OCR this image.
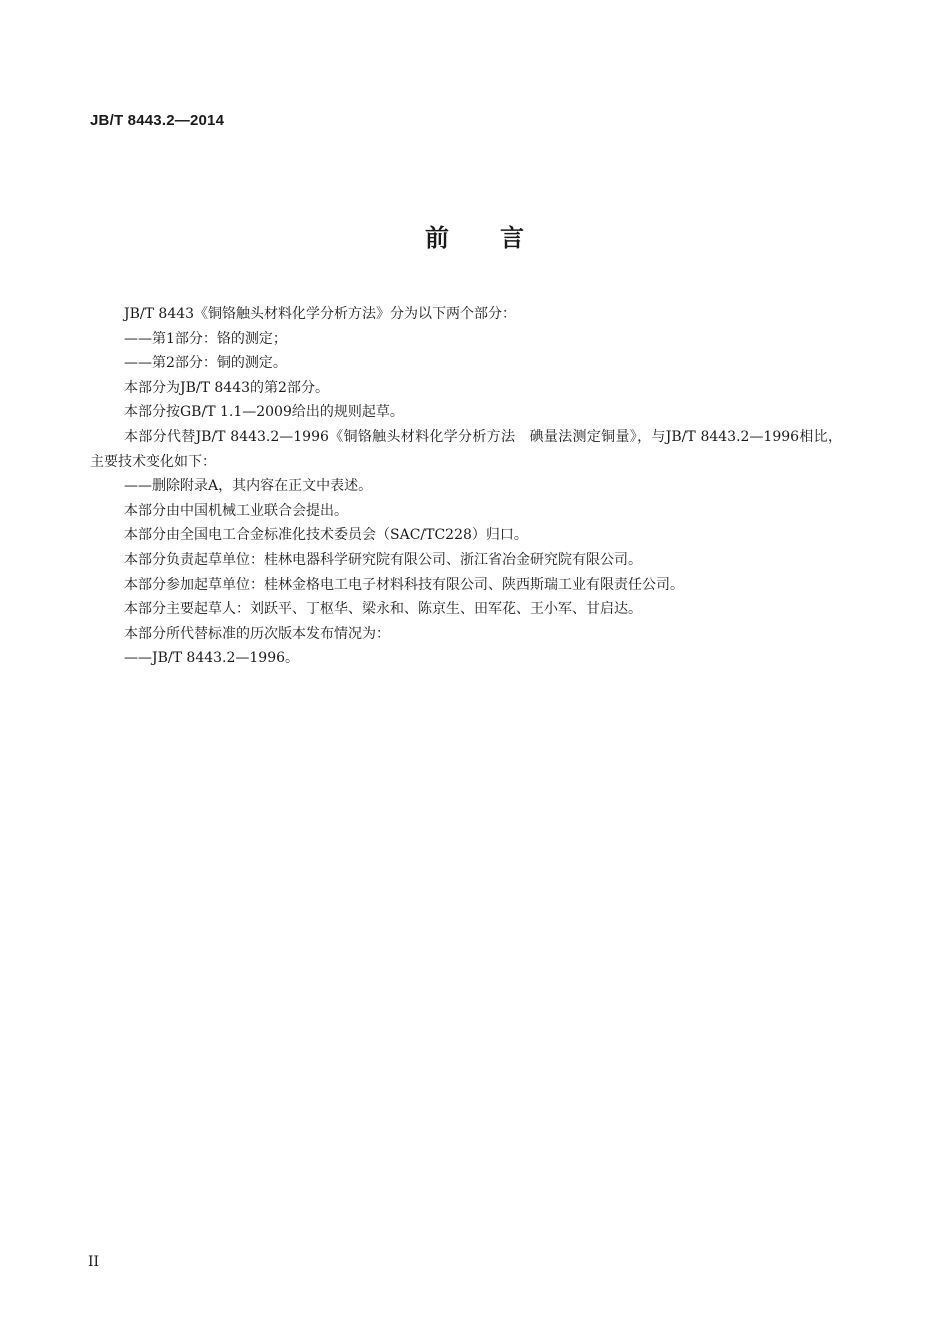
JB/T 8443.2—2014
前 言

JB/T 8443《铜铬触头材料化学分析方法》分为以下两个部分：

——第1部分：铬的测定；

——第2部分：铜的测定。

本部分为JB/T 8443的第2部分。

本部分按GB/T 1.1—2009给出的规则起草。

本部分代替JB/T 8443.2—1996《铜铬触头材料化学分析方法　碘量法测定铜量》，与JB/T 8443.2—1996相比，主要技术变化如下：

——删除附录A，其内容在正文中表述。

本部分由中国机械工业联合会提出。

本部分由全国电工合金标准化技术委员会（SAC/TC228）归口。

本部分负责起草单位：桂林电器科学研究院有限公司、浙江省冶金研究院有限公司。

本部分参加起草单位：桂林金格电工电子材料科技有限公司、陕西斯瑞工业有限责任公司。

本部分主要起草人：刘跃平、丁枢华、梁永和、陈京生、田军花、王小军、甘启达。

本部分所代替标准的历次版本发布情况为：

——JB/T 8443.2—1996。

II
